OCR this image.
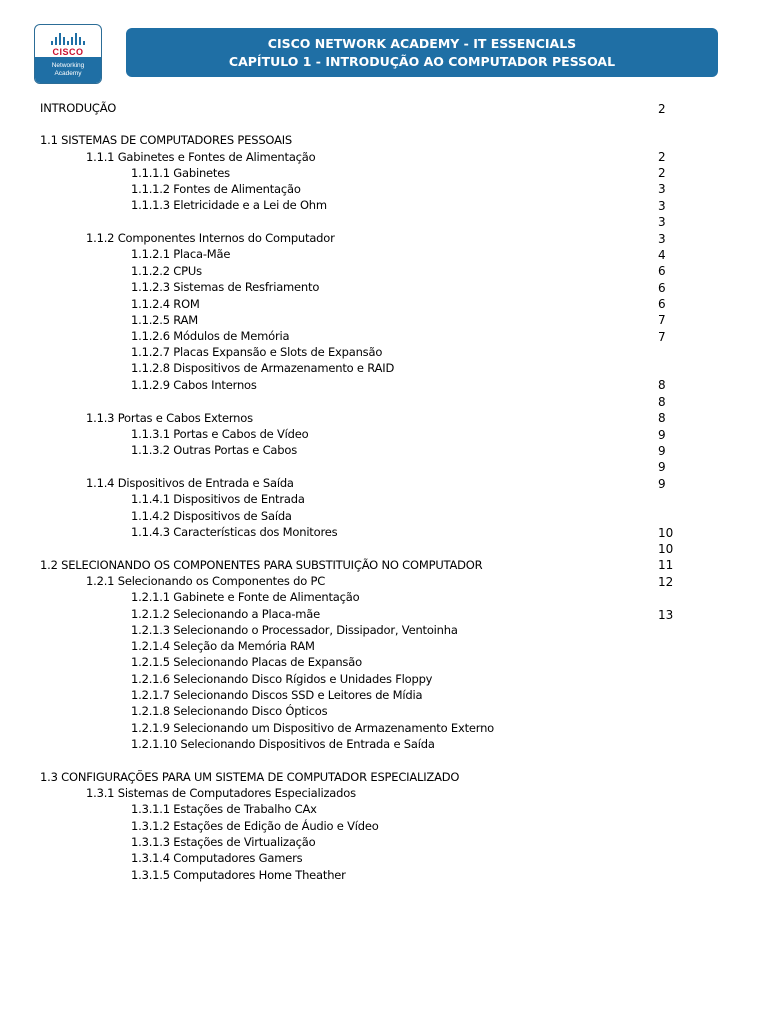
CISCO
Networking
Academy
CISCO NETWORK ACADEMY - IT ESSENCIALS
CAPÍTULO 1 - INTRODUÇÃO AO COMPUTADOR PESSOAL
INTRODUÇÃO
1.1 SISTEMAS DE COMPUTADORES PESSOAIS
1.1.1 Gabinetes e Fontes de Alimentação
1.1.1.1 Gabinetes
1.1.1.2 Fontes de Alimentação
1.1.1.3 Eletricidade e a Lei de Ohm
1.1.2 Componentes Internos do Computador
1.1.2.1 Placa-Mãe
1.1.2.2 CPUs
1.1.2.3 Sistemas de Resfriamento
1.1.2.4 ROM
1.1.2.5 RAM
1.1.2.6 Módulos de Memória
1.1.2.7 Placas Expansão e Slots de Expansão
1.1.2.8 Dispositivos de Armazenamento e RAID
1.1.2.9 Cabos Internos
1.1.3 Portas e Cabos Externos
1.1.3.1 Portas e Cabos de Vídeo
1.1.3.2 Outras Portas e Cabos
1.1.4 Dispositivos de Entrada e Saída
1.1.4.1 Dispositivos de Entrada
1.1.4.2 Dispositivos de Saída
1.1.4.3 Características dos Monitores
1.2 SELECIONANDO OS COMPONENTES PARA SUBSTITUIÇÃO NO COMPUTADOR
1.2.1 Selecionando os Componentes do PC
1.2.1.1 Gabinete e Fonte de Alimentação
1.2.1.2 Selecionando a Placa-mãe
1.2.1.3 Selecionando o Processador, Dissipador, Ventoinha
1.2.1.4 Seleção da Memória RAM
1.2.1.5 Selecionando Placas de Expansão
1.2.1.6 Selecionando Disco Rígidos e Unidades Floppy
1.2.1.7 Selecionando Discos SSD e Leitores de Mídia
1.2.1.8 Selecionando Disco Ópticos
1.2.1.9 Selecionando um Dispositivo de Armazenamento Externo
1.2.1.10 Selecionando Dispositivos de Entrada e Saída
1.3 CONFIGURAÇÕES PARA UM SISTEMA DE COMPUTADOR ESPECIALIZADO
1.3.1 Sistemas de Computadores Especializados
1.3.1.1 Estações de Trabalho CAx
1.3.1.2 Estações de Edição de Áudio e Vídeo
1.3.1.3 Estações de Virtualização
1.3.1.4 Computadores Gamers
1.3.1.5 Computadores Home Theather
2
2
2
3
3
3
3
4
6
6
6
7
7
8
8
8
9
9
9
9
10
10
11
12
13
